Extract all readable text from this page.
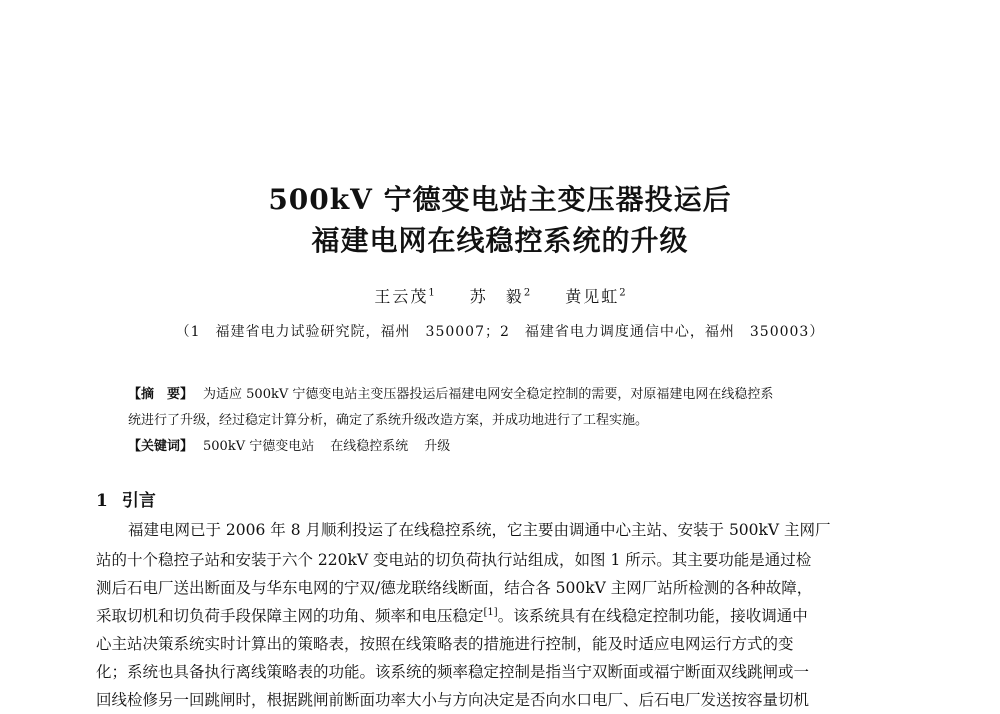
500kV 宁德变电站主变压器投运后
福建电网在线稳控系统的升级
王云茂$^1$ 苏　毅$^2$ 黄见虹$^2$
（1　福建省电力试验研究院，福州　350007；2　福建省电力调度通信中心，福州　350003）
【摘　要】 为适应 500kV 宁德变电站主变压器投运后福建电网安全稳定控制的需要，对原福建电网在线稳控系
统进行了升级，经过稳定计算分析，确定了系统升级改造方案，并成功地进行了工程实施。
【关键词】 500kV 宁德变电站 在线稳控系统 升级
1 引言
福建电网已于 2006 年 8 月顺利投运了在线稳控系统，它主要由调通中心主站、安装于 500kV 主网厂
站的十个稳控子站和安装于六个 220kV 变电站的切负荷执行站组成，如图 1 所示。其主要功能是通过检
测后石电厂送出断面及与华东电网的宁双/德龙联络线断面，结合各 500kV 主网厂站所检测的各种故障，
采取切机和切负荷手段保障主网的功角、频率和电压稳定[1]。该系统具有在线稳定控制功能，接收调通中
心主站决策系统实时计算出的策略表，按照在线策略表的措施进行控制，能及时适应电网运行方式的变
化；系统也具备执行离线策略表的功能。该系统的频率稳定控制是指当宁双断面或福宁断面双线跳闸或一
回线检修另一回跳闸时，根据跳闸前断面功率大小与方向决定是否向水口电厂、后石电厂发送按容量切机
